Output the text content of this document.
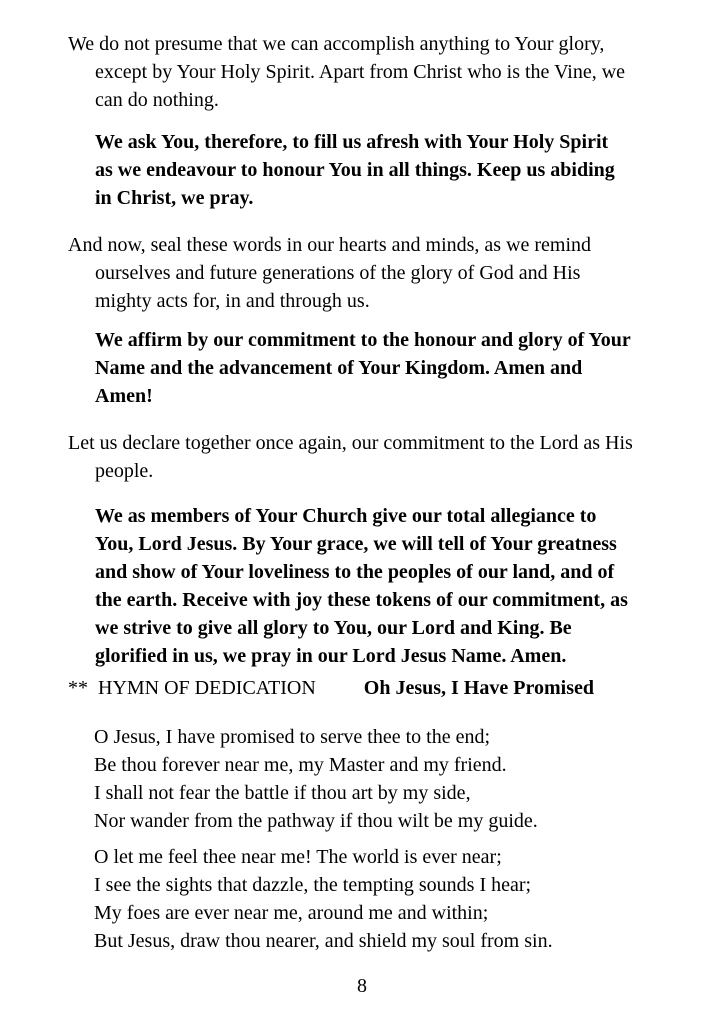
We do not presume that we can accomplish anything to Your glory,
except by Your Holy Spirit. Apart from Christ who is the Vine, we
can do nothing.
We ask You, therefore, to fill us afresh with Your Holy Spirit
as we endeavour to honour You in all things. Keep us abiding
in Christ, we pray.
And now, seal these words in our hearts and minds, as we remind
ourselves and future generations of the glory of God and His
mighty acts for, in and through us.
We affirm by our commitment to the honour and glory of Your
Name and the advancement of Your Kingdom. Amen and
Amen!
Let us declare together once again, our commitment to the Lord as His
people.
We as members of Your Church give our total allegiance to
You, Lord Jesus. By Your grace, we will tell of Your greatness
and show of Your loveliness to the peoples of our land, and of
the earth. Receive with joy these tokens of our commitment, as
we strive to give all glory to You, our Lord and King. Be
glorified in us, we pray in our Lord Jesus Name. Amen.
** HYMN OF DEDICATION Oh Jesus, I Have Promised
O Jesus, I have promised to serve thee to the end;
Be thou forever near me, my Master and my friend.
I shall not fear the battle if thou art by my side,
Nor wander from the pathway if thou wilt be my guide.
O let me feel thee near me! The world is ever near;
I see the sights that dazzle, the tempting sounds I hear;
My foes are ever near me, around me and within;
But Jesus, draw thou nearer, and shield my soul from sin.
8
